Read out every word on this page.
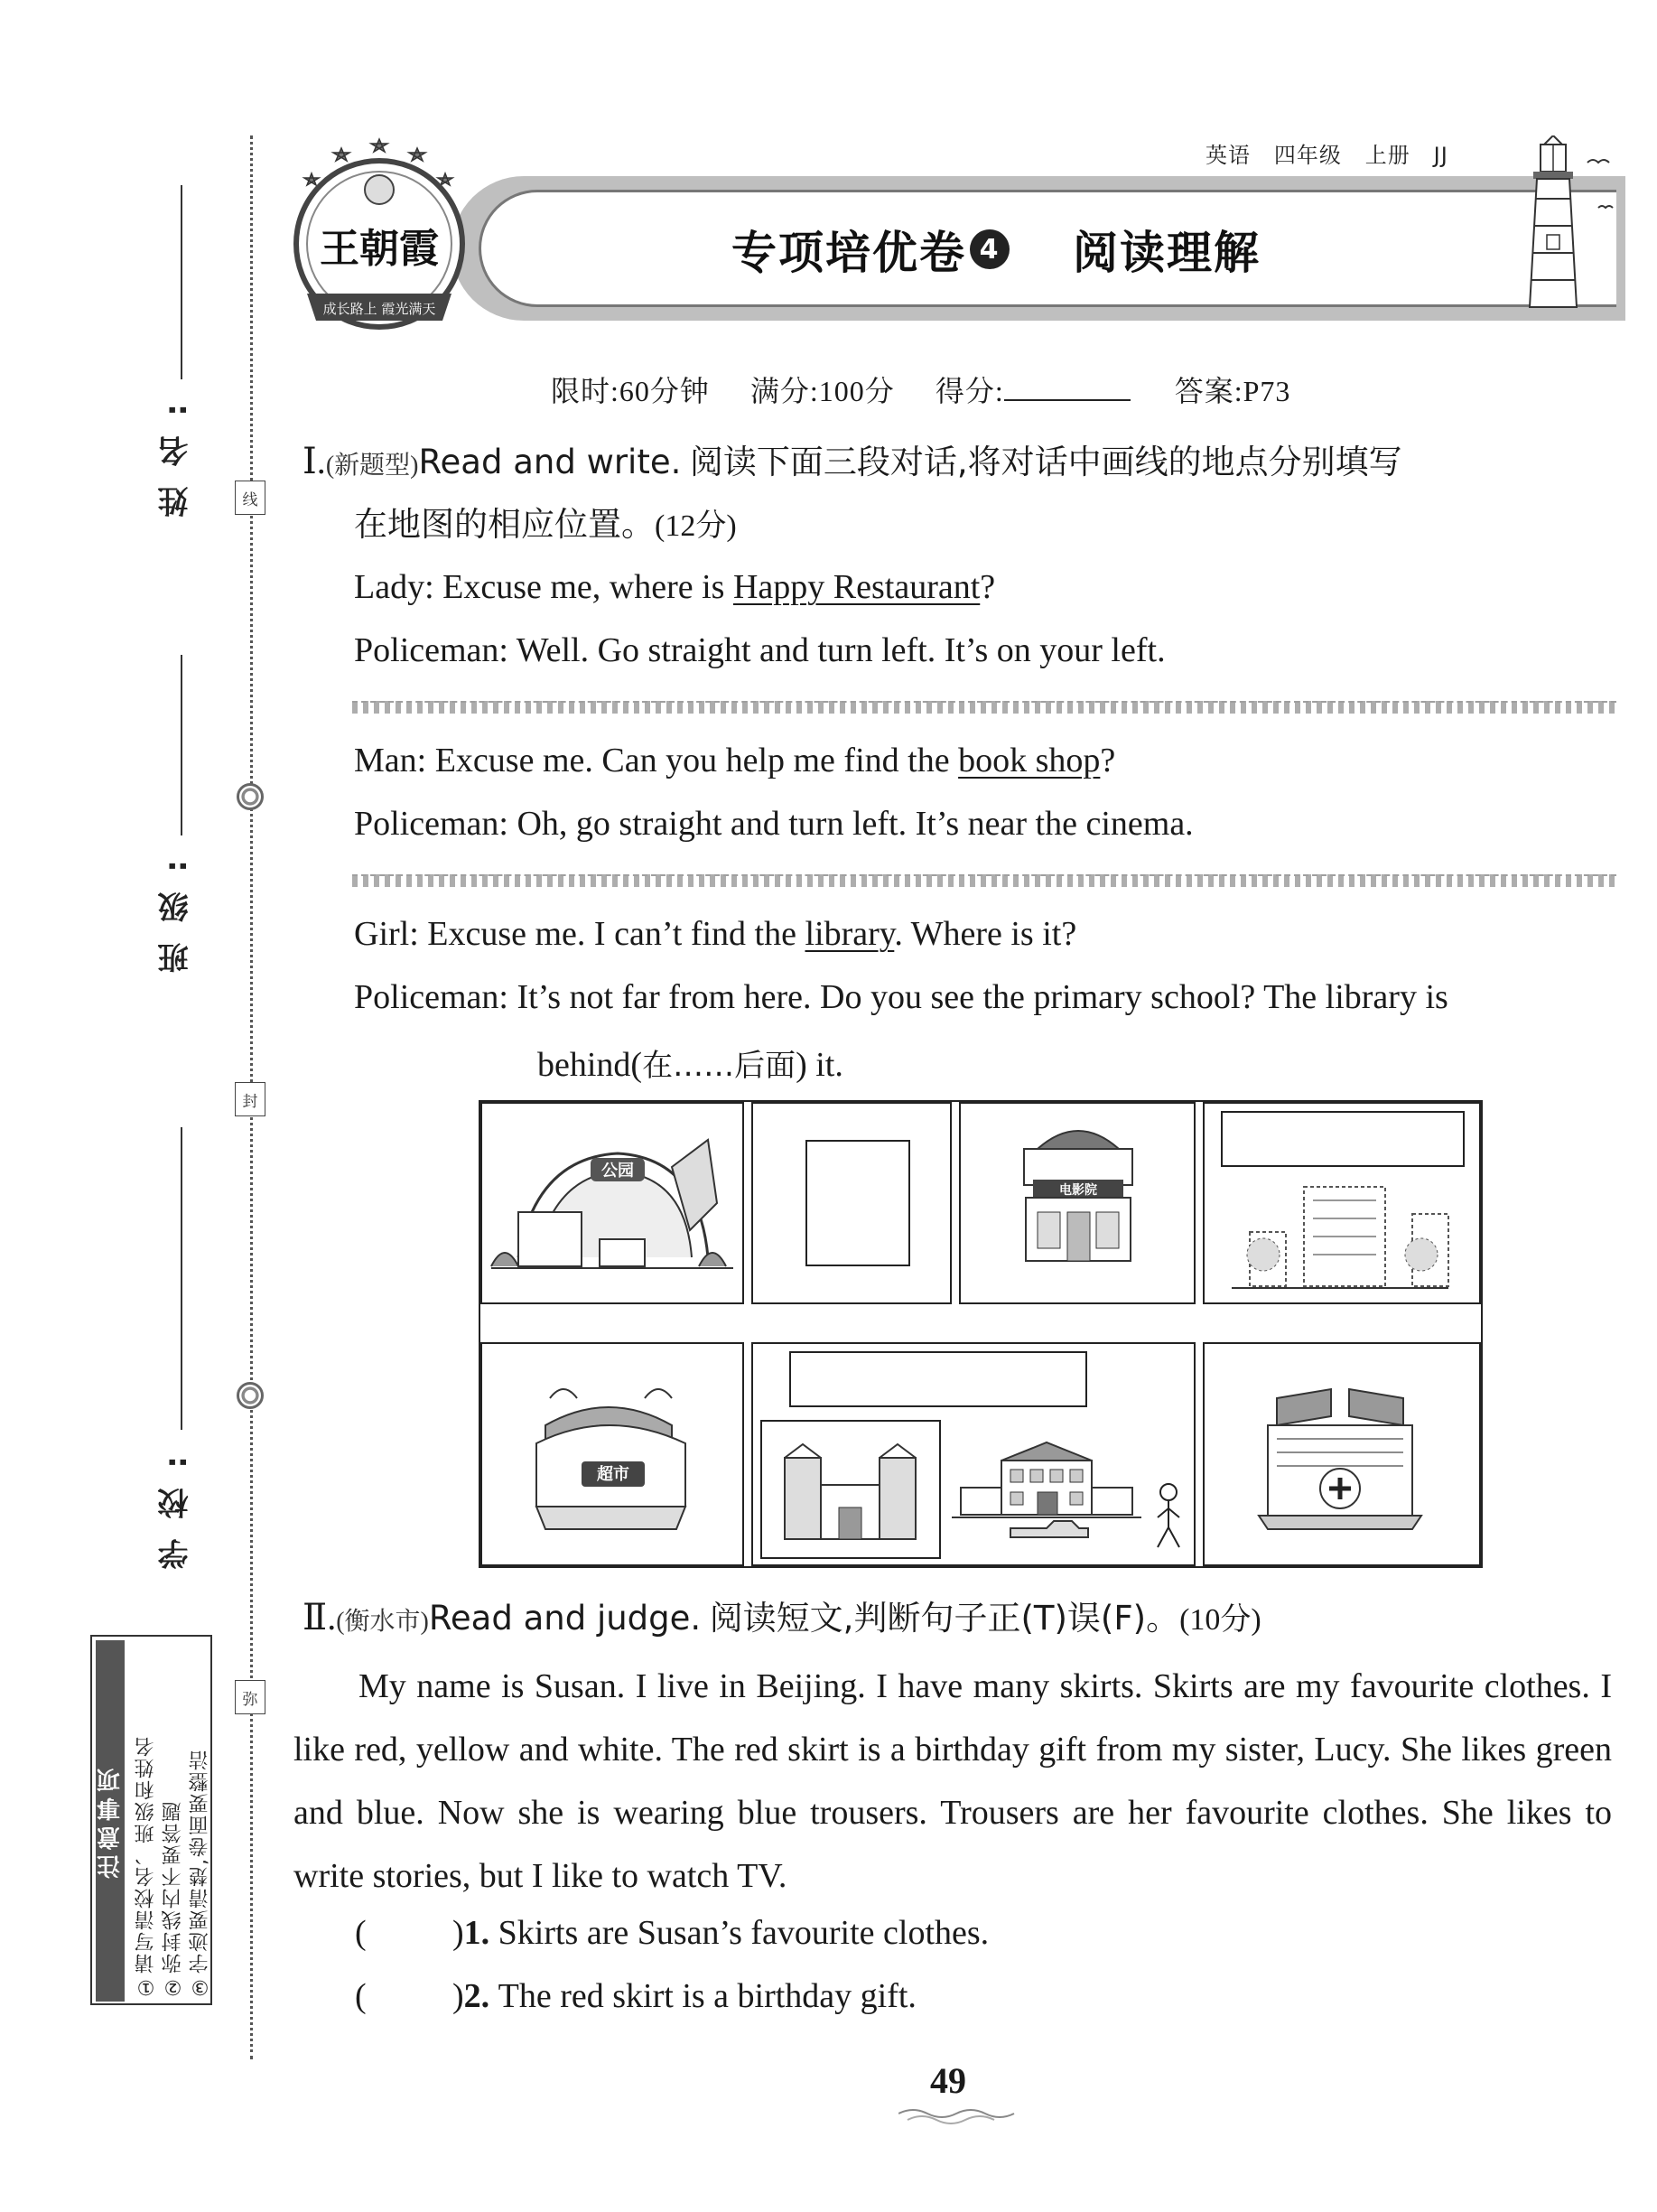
线
封
弥
姓名:
班级:
学校:
注意事项 ①请写清校名、班级和姓名 ②弥封线内不要答题 ③字迹要清楚,卷面要整洁
英语 四年级 上册 JJ
专项培优卷 4 阅读理解
王朝霞
成长路上 霞光满天
限时:60分钟 满分:100分 得分:	答案:P73
Ⅰ.(新题型)Read and write. 阅读下面三段对话,将对话中画线的地点分别填写
在地图的相应位置。(12分)
Lady: Excuse me, where is Happy Restaurant?
Policeman: Well. Go straight and turn left. It’s on your left.
Man: Excuse me. Can you help me find the book shop?
Policeman: Oh, go straight and turn left. It’s near the cinema.
Girl: Excuse me. I can’t find the library. Where is it?
Policeman: It’s not far from here. Do you see the primary school? The library is
behind(在……后面) it.
公园
电影院
超市
Ⅱ.(衡水市)Read and judge. 阅读短文,判断句子正(T)误(F)。(10分)
My name is Susan. I live in Beijing. I have many skirts. Skirts are my favourite clothes. I like red, yellow and white. The red skirt is a birthday gift from my sister, Lucy. She likes green and blue. Now she is wearing blue trousers. Trousers are her favourite clothes. She likes to write stories, but I like to watch TV.
(	)1. Skirts are Susan’s favourite clothes.
(	)2. The red skirt is a birthday gift.
49
